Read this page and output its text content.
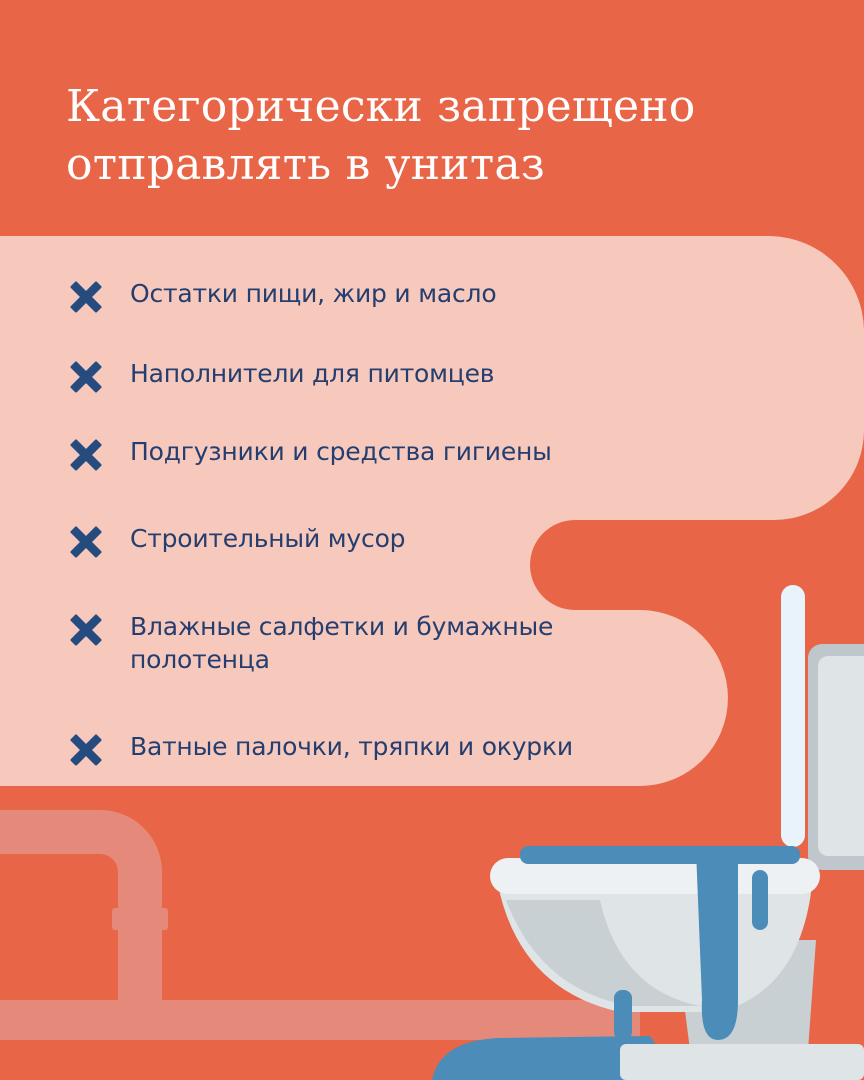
Категорически запрещено
отправлять в унитаз
Остатки пищи, жир и масло
Наполнители для питомцев
Подгузники и средства гигиены
Строительный мусор
Влажные салфетки и бумажные полотенца
Ватные палочки, тряпки и окурки
